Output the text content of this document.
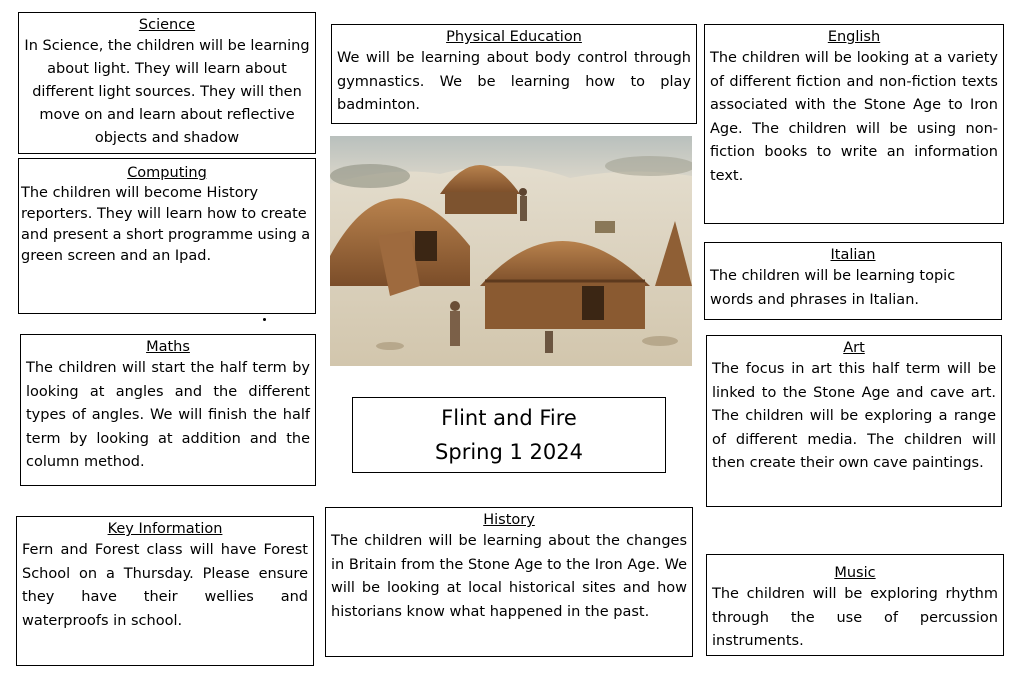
Science
In Science, the children will be learning about light. They will learn about different light sources. They will then move on and learn about reflective objects and shadow
Computing
The children will become History reporters. They will learn how to create and present a short programme using a green screen and an Ipad.
Maths
The children will start the half term by looking at angles and the different types of angles. We will finish the half term by looking at addition and the column method.
Key Information
Fern and Forest class will have Forest School on a Thursday. Please ensure they have their wellies and waterproofs in school.
Physical Education
We will be learning about body control through gymnastics. We be learning how to play badminton.
Flint and Fire
Spring 1 2024
History
The children will be learning about the changes in Britain from the Stone Age to the Iron Age. We will be looking at local historical sites and how historians know what happened in the past.
English
The children will be looking at a variety of different fiction and non-fiction texts associated with the Stone Age to Iron Age. The children will be using non- fiction books to write an information text.
Italian
The children will be learning topic words and phrases in Italian.
Art
The focus in art this half term will be linked to the Stone Age and cave art. The children will be exploring a range of different media. The children will then create their own cave paintings.
Music
The children will be exploring rhythm through the use of percussion instruments.
